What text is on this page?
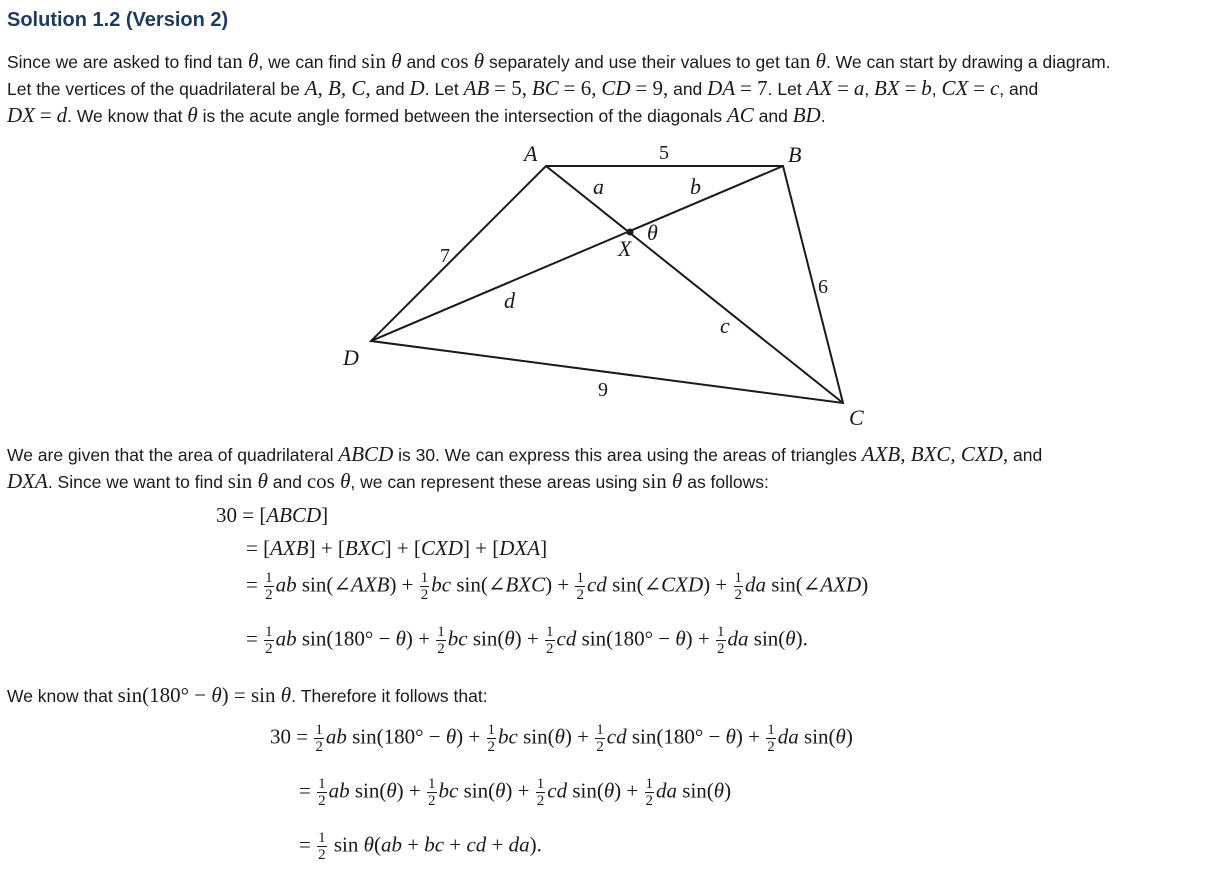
Solution 1.2 (Version 2)
Since we are asked to find tan θ, we can find sin θ and cos θ separately and use their values to get tan θ. We can start by drawing a diagram.
Let the vertices of the quadrilateral be A, B, C, and D. Let AB = 5, BC = 6, CD = 9, and DA = 7. Let AX = a, BX = b, CX = c, and
DX = d. We know that θ is the acute angle formed between the intersection of the diagonals AC and BD.
A	B
C
D
X
a	b
c
d
θ
5
6
9
7
We are given that the area of quadrilateral ABCD is 30. We can express this area using the areas of triangles AXB, BXC, CXD, and
DXA. Since we want to find sin θ and cos θ, we can represent these areas using sin θ as follows:
30 = [ABCD]
= [AXB] + [BXC] + [CXD] + [DXA]
= $\frac{1}{2}$ ab sin(∠AXB) + $\frac{1}{2}$ bc sin(∠BXC) + $\frac{1}{2}$ cd sin(∠CXD) + $\frac{1}{2}$ da sin(∠AXD)
= $\frac{1}{2}$ ab $\sin(180^\circ - \theta) + \frac{1}{2}$ bc $\sin(\theta) + \frac{1}{2}$ cd $\sin(180^\circ - \theta) + \frac{1}{2}$ da sin(θ).
We know that sin(180° − θ) = sin θ. Therefore it follows that:
$30 = \frac{1}{2}$ ab $\sin(180^\circ - \theta) + \frac{1}{2}$ bc $\sin(\theta) + \frac{1}{2}$ cd $\sin(180^\circ - \theta) + \frac{1}{2}$ da sin(θ)
= $\frac{1}{2}$ ab $\sin(\theta) + \frac{1}{2}$ bc $\sin(\theta) + \frac{1}{2}$ cd $\sin(\theta) + \frac{1}{2}$ da sin(θ)
= $\frac{1}{2}$ sin θ(ab + bc + cd + da).
